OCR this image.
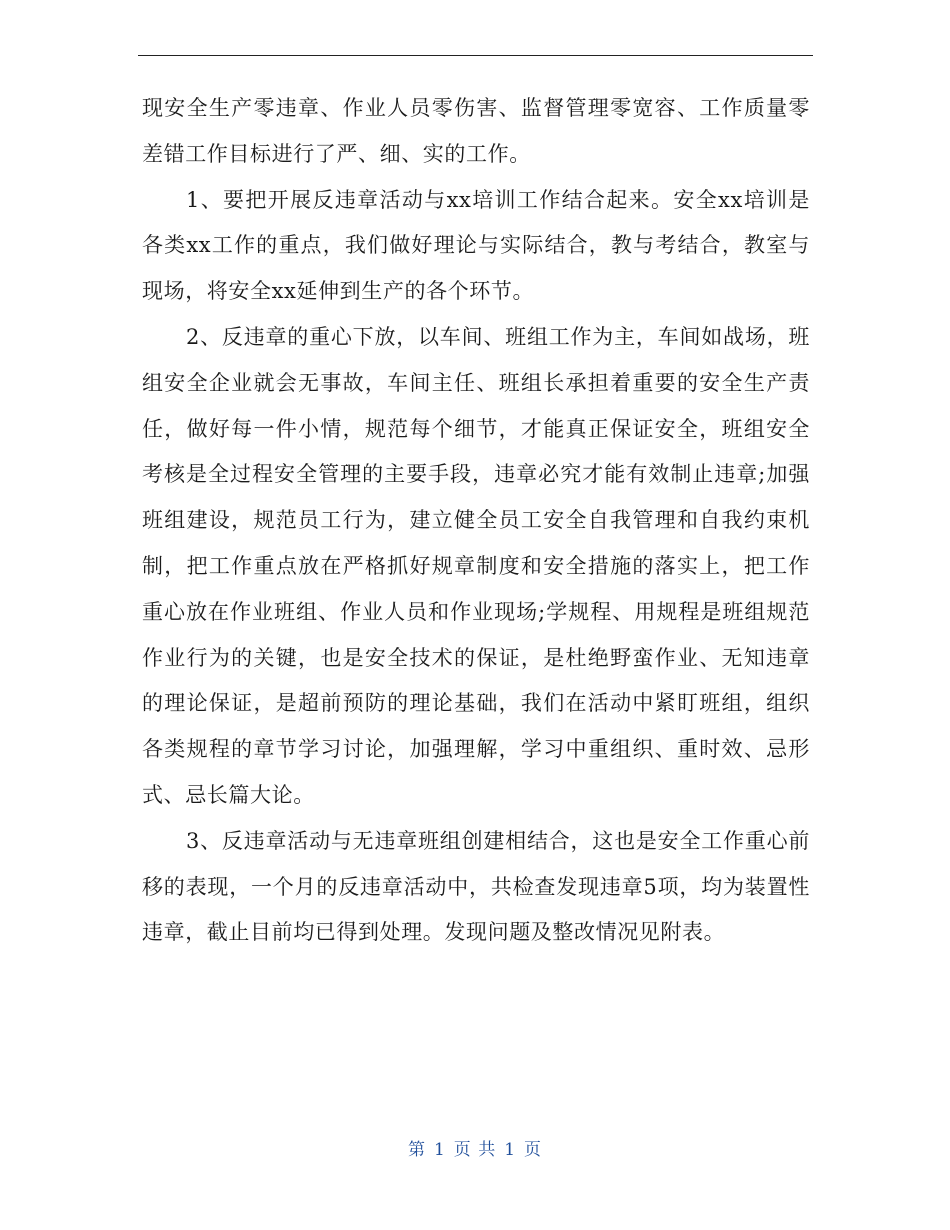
现安全生产零违章、作业人员零伤害、监督管理零宽容、工作质量零差错工作目标进行了严、细、实的工作。

1、要把开展反违章活动与xx培训工作结合起来。安全xx培训是各类xx工作的重点，我们做好理论与实际结合，教与考结合，教室与现场，将安全xx延伸到生产的各个环节。

2、反违章的重心下放，以车间、班组工作为主，车间如战场，班组安全企业就会无事故，车间主任、班组长承担着重要的安全生产责任，做好每一件小情，规范每个细节，才能真正保证安全，班组安全考核是全过程安全管理的主要手段，违章必究才能有效制止违章;加强班组建设，规范员工行为，建立健全员工安全自我管理和自我约束机制，把工作重点放在严格抓好规章制度和安全措施的落实上，把工作重心放在作业班组、作业人员和作业现场;学规程、用规程是班组规范作业行为的关键，也是安全技术的保证，是杜绝野蛮作业、无知违章的理论保证，是超前预防的理论基础，我们在活动中紧盯班组，组织各类规程的章节学习讨论，加强理解，学习中重组织、重时效、忌形式、忌长篇大论。

3、反违章活动与无违章班组创建相结合，这也是安全工作重心前移的表现，一个月的反违章活动中，共检查发现违章5项，均为装置性违章，截止目前均已得到处理。发现问题及整改情况见附表。

第 1 页 共 1 页
